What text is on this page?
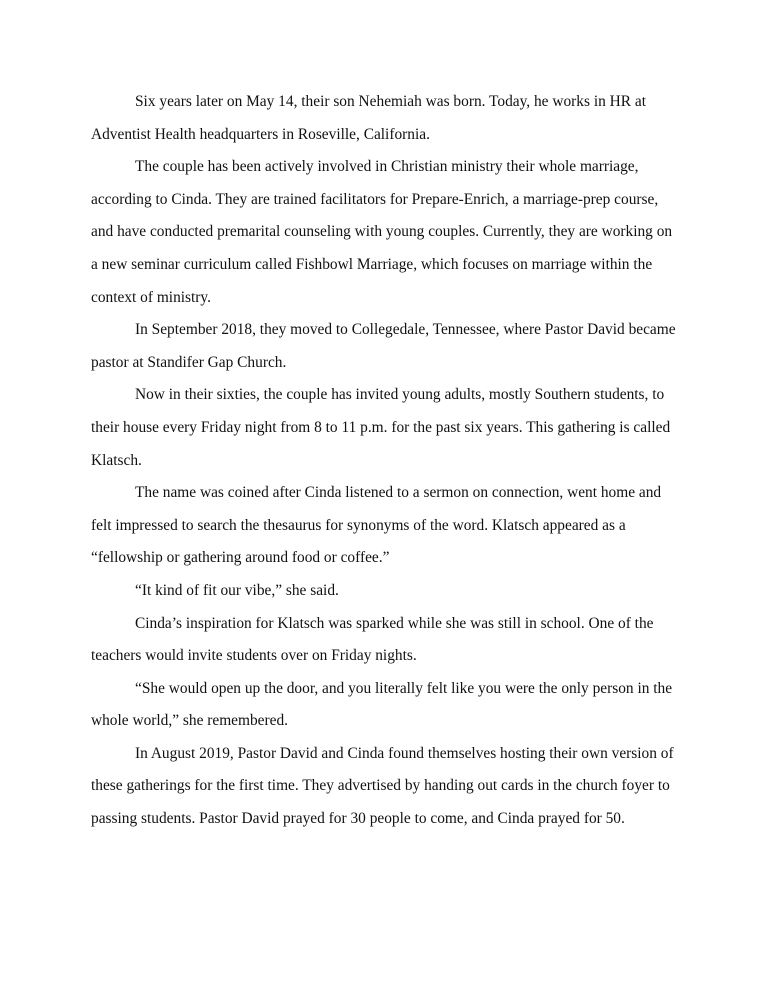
Six years later on May 14, their son Nehemiah was born. Today, he works in HR at Adventist Health headquarters in Roseville, California.

The couple has been actively involved in Christian ministry their whole marriage, according to Cinda. They are trained facilitators for Prepare-Enrich, a marriage-prep course, and have conducted premarital counseling with young couples. Currently, they are working on a new seminar curriculum called Fishbowl Marriage, which focuses on marriage within the context of ministry.

In September 2018, they moved to Collegedale, Tennessee, where Pastor David became pastor at Standifer Gap Church.

Now in their sixties, the couple has invited young adults, mostly Southern students, to their house every Friday night from 8 to 11 p.m. for the past six years. This gathering is called Klatsch.

The name was coined after Cinda listened to a sermon on connection, went home and felt impressed to search the thesaurus for synonyms of the word. Klatsch appeared as a “fellowship or gathering around food or coffee.”

“It kind of fit our vibe,” she said.

Cinda’s inspiration for Klatsch was sparked while she was still in school. One of the teachers would invite students over on Friday nights.

“She would open up the door, and you literally felt like you were the only person in the whole world,” she remembered.

In August 2019, Pastor David and Cinda found themselves hosting their own version of these gatherings for the first time. They advertised by handing out cards in the church foyer to passing students. Pastor David prayed for 30 people to come, and Cinda prayed for 50.
